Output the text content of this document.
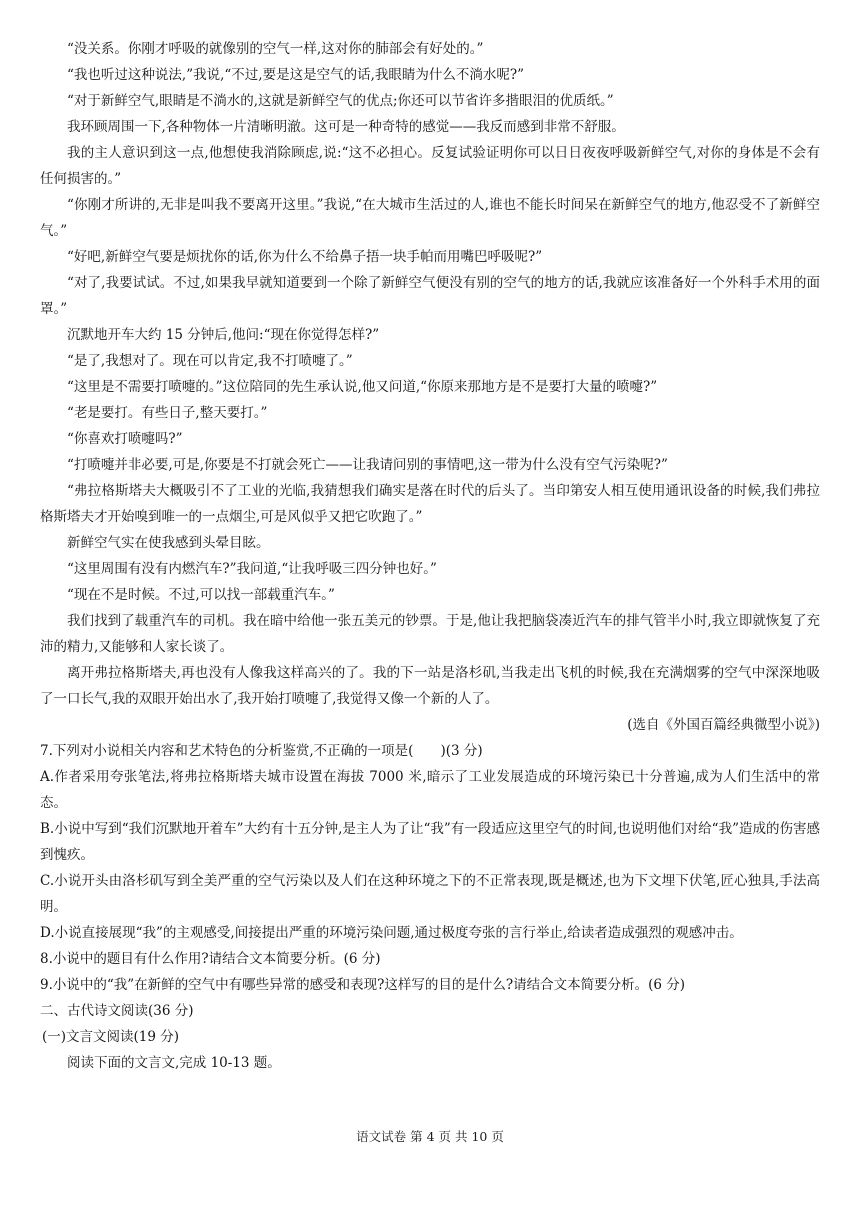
“没关系。你刚才呼吸的就像别的空气一样,这对你的肺部会有好处的。”

“我也听过这种说法,”我说,“不过,要是这是空气的话,我眼睛为什么不淌水呢?”

“对于新鲜空气,眼睛是不淌水的,这就是新鲜空气的优点;你还可以节省许多揩眼泪的优质纸。”

我环顾周围一下,各种物体一片清晰明澈。这可是一种奇特的感觉——我反而感到非常不舒服。

我的主人意识到这一点,他想使我消除顾虑,说:“这不必担心。反复试验证明你可以日日夜夜呼吸新鲜空气,对你的身体是不会有任何损害的。”

“你刚才所讲的,无非是叫我不要离开这里。”我说,“在大城市生活过的人,谁也不能长时间呆在新鲜空气的地方,他忍受不了新鲜空气。”

“好吧,新鲜空气要是烦扰你的话,你为什么不给鼻子捂一块手帕而用嘴巴呼吸呢?”

“对了,我要试试。不过,如果我早就知道要到一个除了新鲜空气便没有别的空气的地方的话,我就应该准备好一个外科手术用的面罩。”

沉默地开车大约 15 分钟后,他问:“现在你觉得怎样?”

“是了,我想对了。现在可以肯定,我不打喷嚏了。”

“这里是不需要打喷嚏的。”这位陪同的先生承认说,他又问道,“你原来那地方是不是要打大量的喷嚏?”

“老是要打。有些日子,整天要打。”

“你喜欢打喷嚏吗?”

“打喷嚏并非必要,可是,你要是不打就会死亡——让我请问别的事情吧,这一带为什么没有空气污染呢?”

“弗拉格斯塔夫大概吸引不了工业的光临,我猜想我们确实是落在时代的后头了。当印第安人相互使用通讯设备的时候,我们弗拉格斯塔夫才开始嗅到唯一的一点烟尘,可是风似乎又把它吹跑了。”

新鲜空气实在使我感到头晕目眩。

“这里周围有没有内燃汽车?”我问道,“让我呼吸三四分钟也好。”

“现在不是时候。不过,可以找一部载重汽车。”

我们找到了载重汽车的司机。我在暗中给他一张五美元的钞票。于是,他让我把脑袋凑近汽车的排气管半小时,我立即就恢复了充沛的精力,又能够和人家长谈了。

离开弗拉格斯塔夫,再也没有人像我这样高兴的了。我的下一站是洛杉矶,当我走出飞机的时候,我在充满烟雾的空气中深深地吸了一口长气,我的双眼开始出水了,我开始打喷嚏了,我觉得又像一个新的人了。

(选自《外国百篇经典微型小说》)

7.下列对小说相关内容和艺术特色的分析鉴赏,不正确的一项是(　　)(3 分)

A.作者采用夸张笔法,将弗拉格斯塔夫城市设置在海拔 7000 米,暗示了工业发展造成的环境污染已十分普遍,成为人们生活中的常态。

B.小说中写到“我们沉默地开着车”大约有十五分钟,是主人为了让“我”有一段适应这里空气的时间,也说明他们对给“我”造成的伤害感到愧疚。

C.小说开头由洛杉矶写到全美严重的空气污染以及人们在这种环境之下的不正常表现,既是概述,也为下文埋下伏笔,匠心独具,手法高明。

D.小说直接展现“我”的主观感受,间接提出严重的环境污染问题,通过极度夸张的言行举止,给读者造成强烈的观感冲击。

8.小说中的题目有什么作用?请结合文本简要分析。(6 分)

9.小说中的“我”在新鲜的空气中有哪些异常的感受和表现?这样写的目的是什么?请结合文本简要分析。(6 分)

二、古代诗文阅读(36 分)

(一)文言文阅读(19 分)

阅读下面的文言文,完成 10-13 题。

语文试卷 第 4 页 共 10 页
